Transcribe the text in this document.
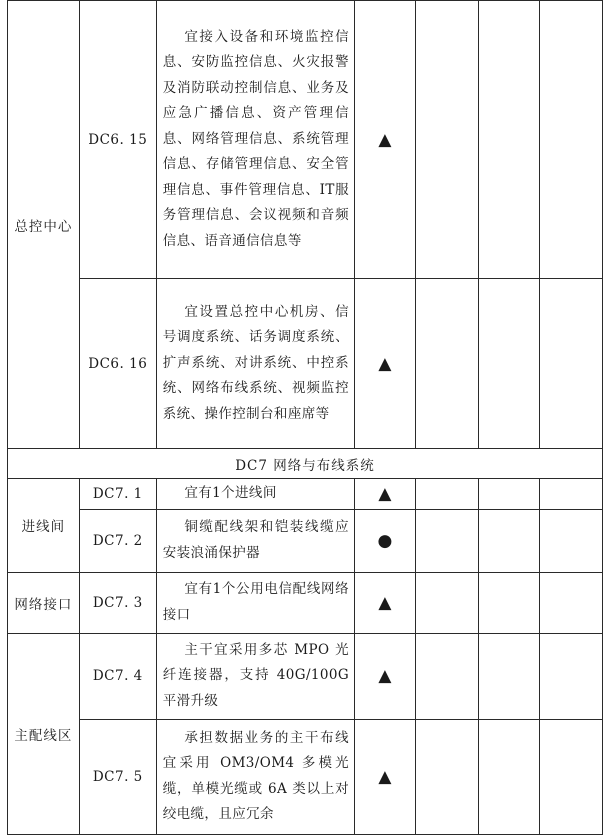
总控中心	DC6. 15	宜接入设备和环境监控信息、安防监控信息、火灾报警及消防联动控制信息、业务及应急广播信息、资产管理信息、网络管理信息、系统管理信息、存储管理信息、安全管理信息、事件管理信息、IT服务管理信息、会议视频和音频信息、语音通信信息等	▲			
	DC6. 16	宜设置总控中心机房、信号调度系统、话务调度系统、扩声系统、对讲系统、中控系统、网络布线系统、视频监控系统、操作控制台和座席等	▲			
DC7 网络与布线系统						
进线间	DC7. 1	宜有1个进线间	▲			
	DC7. 2	铜缆配线架和铠装线缆应安装浪涌保护器	●			
网络接口	DC7. 3	宜有1个公用电信配线网络接口	▲			
主配线区	DC7. 4	主干宜采用多芯 MPO 光纤连接器，支持 40G/100G 平滑升级	▲			
	DC7. 5	承担数据业务的主干布线宜采用 OM3/OM4 多模光缆，单模光缆或 6A 类以上对绞电缆，且应冗余	▲			
